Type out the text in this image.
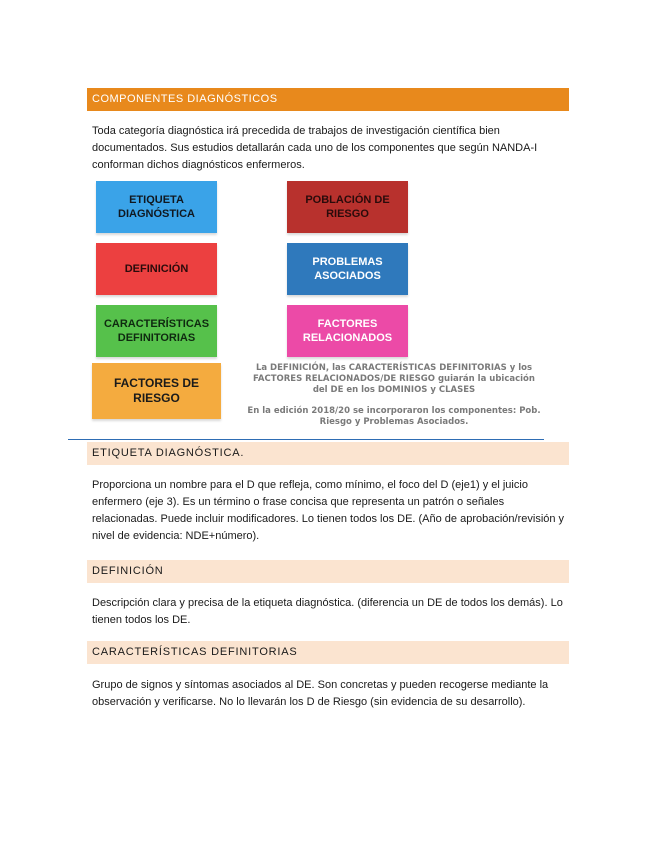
COMPONENTES DIAGNÓSTICOS
Toda categoría diagnóstica irá precedida de trabajos de investigación científica bien documentados. Sus estudios detallarán cada uno de los componentes que según NANDA-I conforman dichos diagnósticos enfermeros.
ETIQUETA DIAGNÓSTICA
POBLACIÓN DE RIESGO
DEFINICIÓN
PROBLEMAS ASOCIADOS
CARACTERÍSTICAS DEFINITORIAS
FACTORES RELACIONADOS
FACTORES DE RIESGO
La DEFINICIÓN, las CARACTERÍSTICAS DEFINITORIAS y los FACTORES RELACIONADOS/DE RIESGO guiarán la ubicación del DE en los DOMINIOS y CLASES
En la edición 2018/20 se incorporaron los componentes: Pob. Riesgo y Problemas Asociados.
ETIQUETA DIAGNÓSTICA.
Proporciona un nombre para el D que refleja, como mínimo, el foco del D (eje1) y el juicio enfermero (eje 3). Es un término o frase concisa que representa un patrón o señales relacionadas. Puede incluir modificadores. Lo tienen todos los DE. (Año de aprobación/revisión y nivel de evidencia: NDE+número).
DEFINICIÓN
Descripción clara y precisa de la etiqueta diagnóstica. (diferencia un DE de todos los demás). Lo tienen todos los DE.
CARACTERÍSTICAS DEFINITORIAS
Grupo de signos y síntomas asociados al DE. Son concretas y pueden recogerse mediante la observación y verificarse. No lo llevarán los D de Riesgo (sin evidencia de su desarrollo).
